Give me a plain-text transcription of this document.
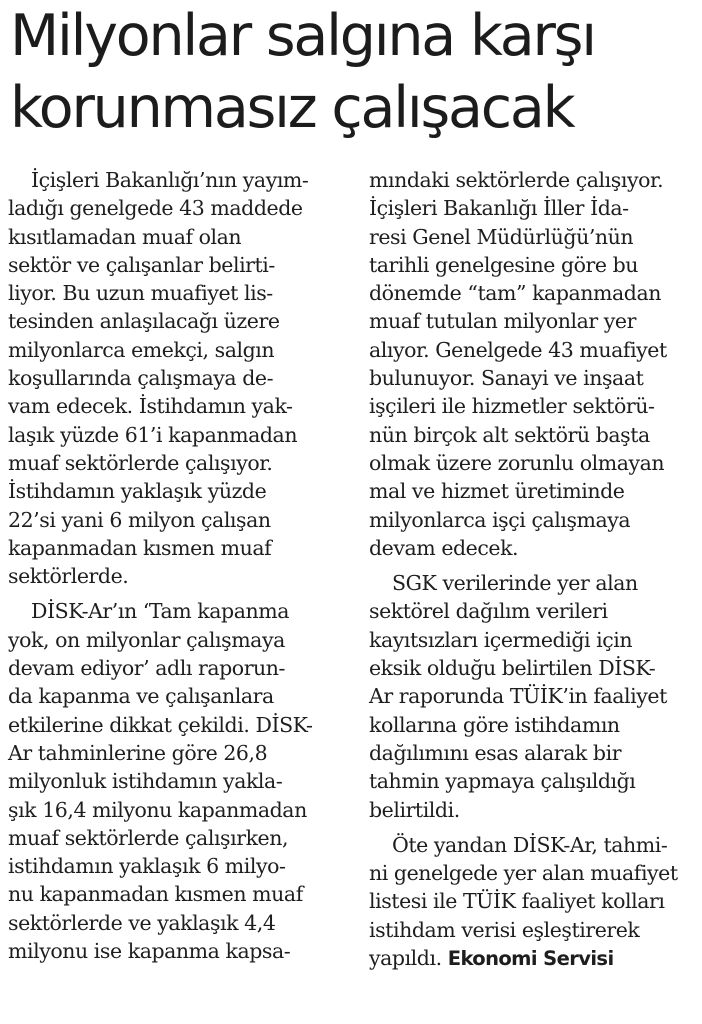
Milyonlar salgına karşı
korunmasız çalışacak
İçişleri Bakanlığı’nın yayım-
ladığı genelgede 43 maddede
kısıtlamadan muaf olan
sektör ve çalışanlar belirti-
liyor. Bu uzun muafiyet lis-
tesinden anlaşılacağı üzere
milyonlarca emekçi, salgın
koşullarında çalışmaya de-
vam edecek. İstihdamın yak-
laşık yüzde 61’i kapanmadan
muaf sektörlerde çalışıyor.
İstihdamın yaklaşık yüzde
22’si yani 6 milyon çalışan
kapanmadan kısmen muaf
sektörlerde.
DİSK-Ar’ın ‘Tam kapanma
yok, on milyonlar çalışmaya
devam ediyor’ adlı raporun-
da kapanma ve çalışanlara
etkilerine dikkat çekildi. DİSK-
Ar tahminlerine göre 26,8
milyonluk istihdamın yakla-
şık 16,4 milyonu kapanmadan
muaf sektörlerde çalışırken,
istihdamın yaklaşık 6 milyo-
nu kapanmadan kısmen muaf
sektörlerde ve yaklaşık 4,4
milyonu ise kapanma kapsa-
mındaki sektörlerde çalışıyor.
İçişleri Bakanlığı İller İda-
resi Genel Müdürlüğü’nün
tarihli genelgesine göre bu
dönemde “tam” kapanmadan
muaf tutulan milyonlar yer
alıyor. Genelgede 43 muafiyet
bulunuyor. Sanayi ve inşaat
işçileri ile hizmetler sektörü-
nün birçok alt sektörü başta
olmak üzere zorunlu olmayan
mal ve hizmet üretiminde
milyonlarca işçi çalışmaya
devam edecek.
SGK verilerinde yer alan
sektörel dağılım verileri
kayıtsızları içermediği için
eksik olduğu belirtilen DİSK-
Ar raporunda TÜİK’in faaliyet
kollarına göre istihdamın
dağılımını esas alarak bir
tahmin yapmaya çalışıldığı
belirtildi.
Öte yandan DİSK-Ar, tahmi-
ni genelgede yer alan muafiyet
listesi ile TÜİK faaliyet kolları
istihdam verisi eşleştirerek
yapıldı. Ekonomi Servisi
